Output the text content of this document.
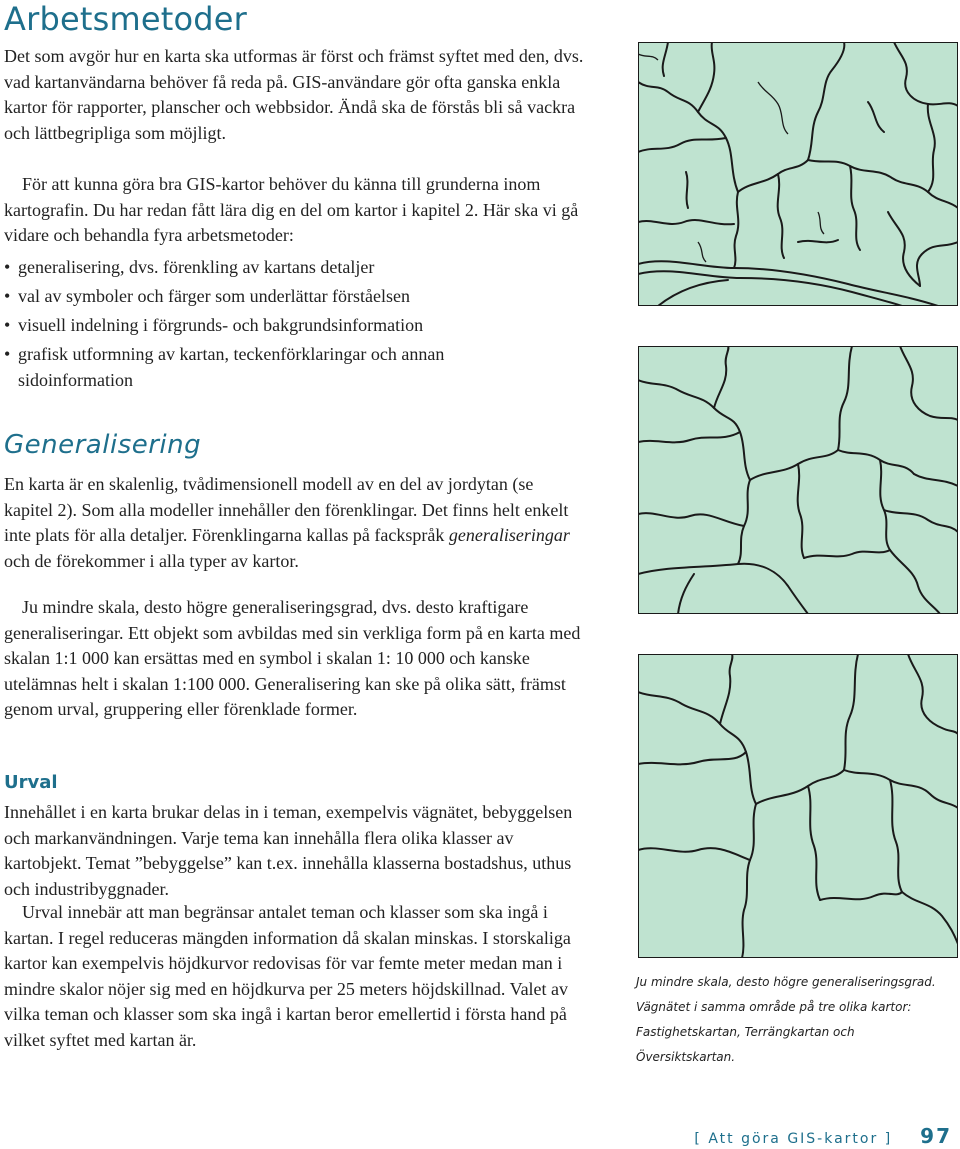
Arbetsmetoder

Det som avgör hur en karta ska utformas är först och främst syftet med den, dvs. vad kartanvändarna behöver få reda på. GIS-användare gör ofta ganska enkla kartor för rapporter, planscher och webbsidor. Ändå ska de förstås bli så vackra och lättbegripliga som möjligt.

För att kunna göra bra GIS-kartor behöver du känna till grunderna inom kartografin. Du har redan fått lära dig en del om kartor i kapitel 2. Här ska vi gå vidare och behandla fyra arbetsmetoder:

• generalisering, dvs. förenkling av kartans detaljer
• val av symboler och färger som underlättar förståelsen
• visuell indelning i förgrunds- och bakgrundsinformation
• grafisk utformning av kartan, teckenförklaringar och annan sidoinformation
Generalisering

En karta är en skalenlig, tvådimensionell modell av en del av jordytan (se kapitel 2). Som alla modeller innehåller den förenklingar. Det finns helt enkelt inte plats för alla detaljer. Förenklingarna kallas på fackspråk generaliseringar och de förekommer i alla typer av kartor.

Ju mindre skala, desto högre generaliseringsgrad, dvs. desto kraftigare generaliseringar. Ett objekt som avbildas med sin verkliga form på en karta med skalan 1:1 000 kan ersättas med en symbol i skalan 1: 10 000 och kanske utelämnas helt i skalan 1:100 000. Generalisering kan ske på olika sätt, främst genom urval, gruppering eller förenklade former.

Urval

Innehållet i en karta brukar delas in i teman, exempelvis vägnätet, bebyggelsen och markanvändningen. Varje tema kan innehålla flera olika klasser av kartobjekt. Temat ”bebyggelse” kan t.ex. innehålla klasserna bostadshus, uthus och industribyggnader.

Urval innebär att man begränsar antalet teman och klasser som ska ingå i kartan. I regel reduceras mängden information då skalan minskas. I storskaliga kartor kan exempelvis höjdkurvor redovisas för var femte meter medan man i mindre skalor nöjer sig med en höjdkurva per 25 meters höjdskillnad. Valet av vilka teman och klasser som ska ingå i kartan beror emellertid i första hand på vilket syftet med kartan är.

Ju mindre skala, desto högre generaliseringsgrad.
Vägnätet i samma område på tre olika kartor:
Fastighetskartan, Terrängkartan och Översiktskartan.
[ Att göra GIS-kartor ] 97
